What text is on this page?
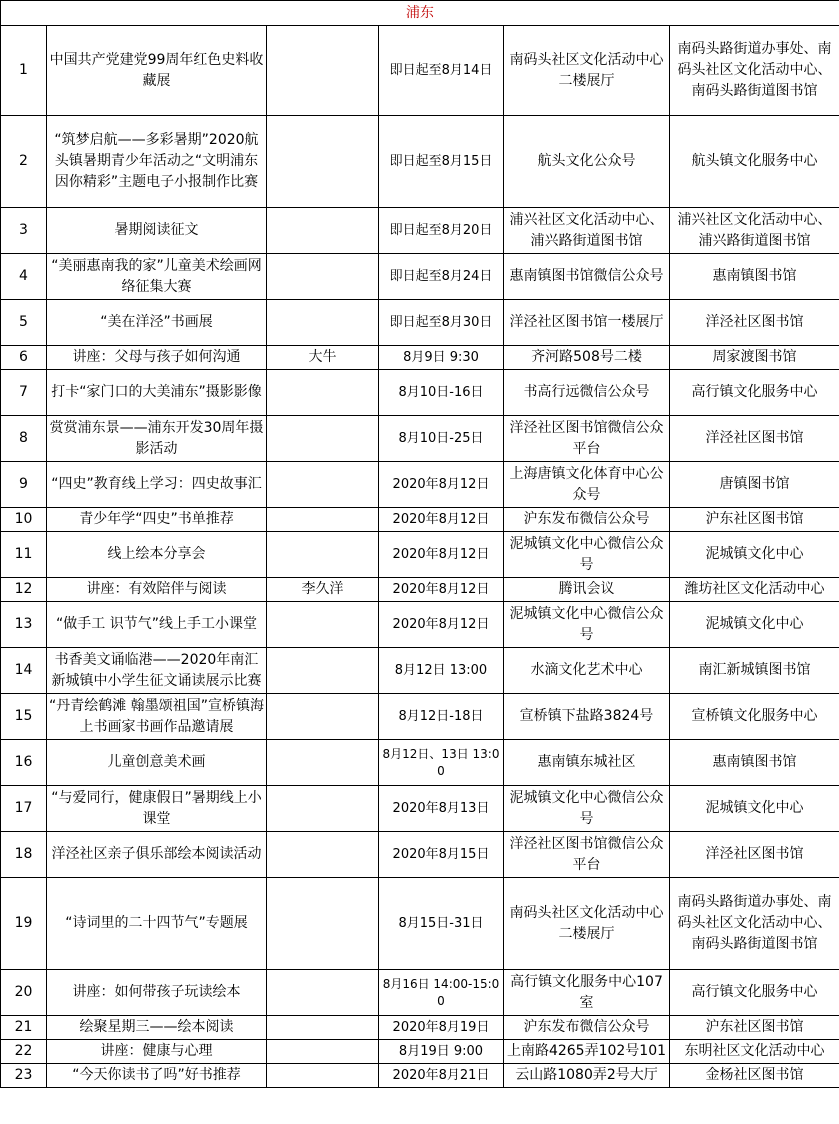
浦东					
1	中国共产党建党99周年红色史料收藏展		即日起至8月14日	南码头社区文化活动中心二楼展厅	南码头路街道办事处、南码头社区文化活动中心、南码头路街道图书馆
2	“筑梦启航——多彩暑期”2020航头镇暑期青少年活动之“文明浦东 因你精彩”主题电子小报制作比赛		即日起至8月15日	航头文化公众号	航头镇文化服务中心
3	暑期阅读征文		即日起至8月20日	浦兴社区文化活动中心、浦兴路街道图书馆	浦兴社区文化活动中心、浦兴路街道图书馆
4	“美丽惠南我的家”儿童美术绘画网络征集大赛		即日起至8月24日	惠南镇图书馆微信公众号	惠南镇图书馆
5	“美在洋泾”书画展		即日起至8月30日	洋泾社区图书馆一楼展厅	洋泾社区图书馆
6	讲座：父母与孩子如何沟通	大牛	8月9日 9:30	齐河路508号二楼	周家渡图书馆
7	打卡“家门口的大美浦东”摄影影像		8月10日-16日	书高行远微信公众号	高行镇文化服务中心
8	赏赏浦东景——浦东开发30周年摄影活动		8月10日-25日	洋泾社区图书馆微信公众平台	洋泾社区图书馆
9	“四史”教育线上学习：四史故事汇		2020年8月12日	上海唐镇文化体育中心公众号	唐镇图书馆
10	青少年学“四史”书单推荐		2020年8月12日	沪东发布微信公众号	沪东社区图书馆
11	线上绘本分享会		2020年8月12日	泥城镇文化中心微信公众号	泥城镇文化中心
12	讲座：有效陪伴与阅读	李久洋	2020年8月12日	腾讯会议	潍坊社区文化活动中心
13	“做手工 识节气”线上手工小课堂		2020年8月12日	泥城镇文化中心微信公众号	泥城镇文化中心
14	书香美文诵临港——2020年南汇新城镇中小学生征文诵读展示比赛		8月12日 13:00	水滴文化艺术中心	南汇新城镇图书馆
15	“丹青绘鹤滩 翰墨颂祖国”宣桥镇海上书画家书画作品邀请展		8月12日-18日	宣桥镇下盐路3824号	宣桥镇文化服务中心
16	儿童创意美术画		8月12日、13日 13:00	惠南镇东城社区	惠南镇图书馆
17	“与爱同行，健康假日”暑期线上小课堂		2020年8月13日	泥城镇文化中心微信公众号	泥城镇文化中心
18	洋泾社区亲子俱乐部绘本阅读活动		2020年8月15日	洋泾社区图书馆微信公众平台	洋泾社区图书馆
19	“诗词里的二十四节气”专题展		8月15日-31日	南码头社区文化活动中心二楼展厅	南码头路街道办事处、南码头社区文化活动中心、南码头路街道图书馆
20	讲座：如何带孩子玩读绘本		8月16日 14:00-15:00	高行镇文化服务中心107室	高行镇文化服务中心
21	绘聚星期三——绘本阅读		2020年8月19日	沪东发布微信公众号	沪东社区图书馆
22	讲座：健康与心理		8月19日 9:00	上南路4265弄102号101	东明社区文化活动中心
23	“今天你读书了吗”好书推荐		2020年8月21日	云山路1080弄2号大厅	金杨社区图书馆
